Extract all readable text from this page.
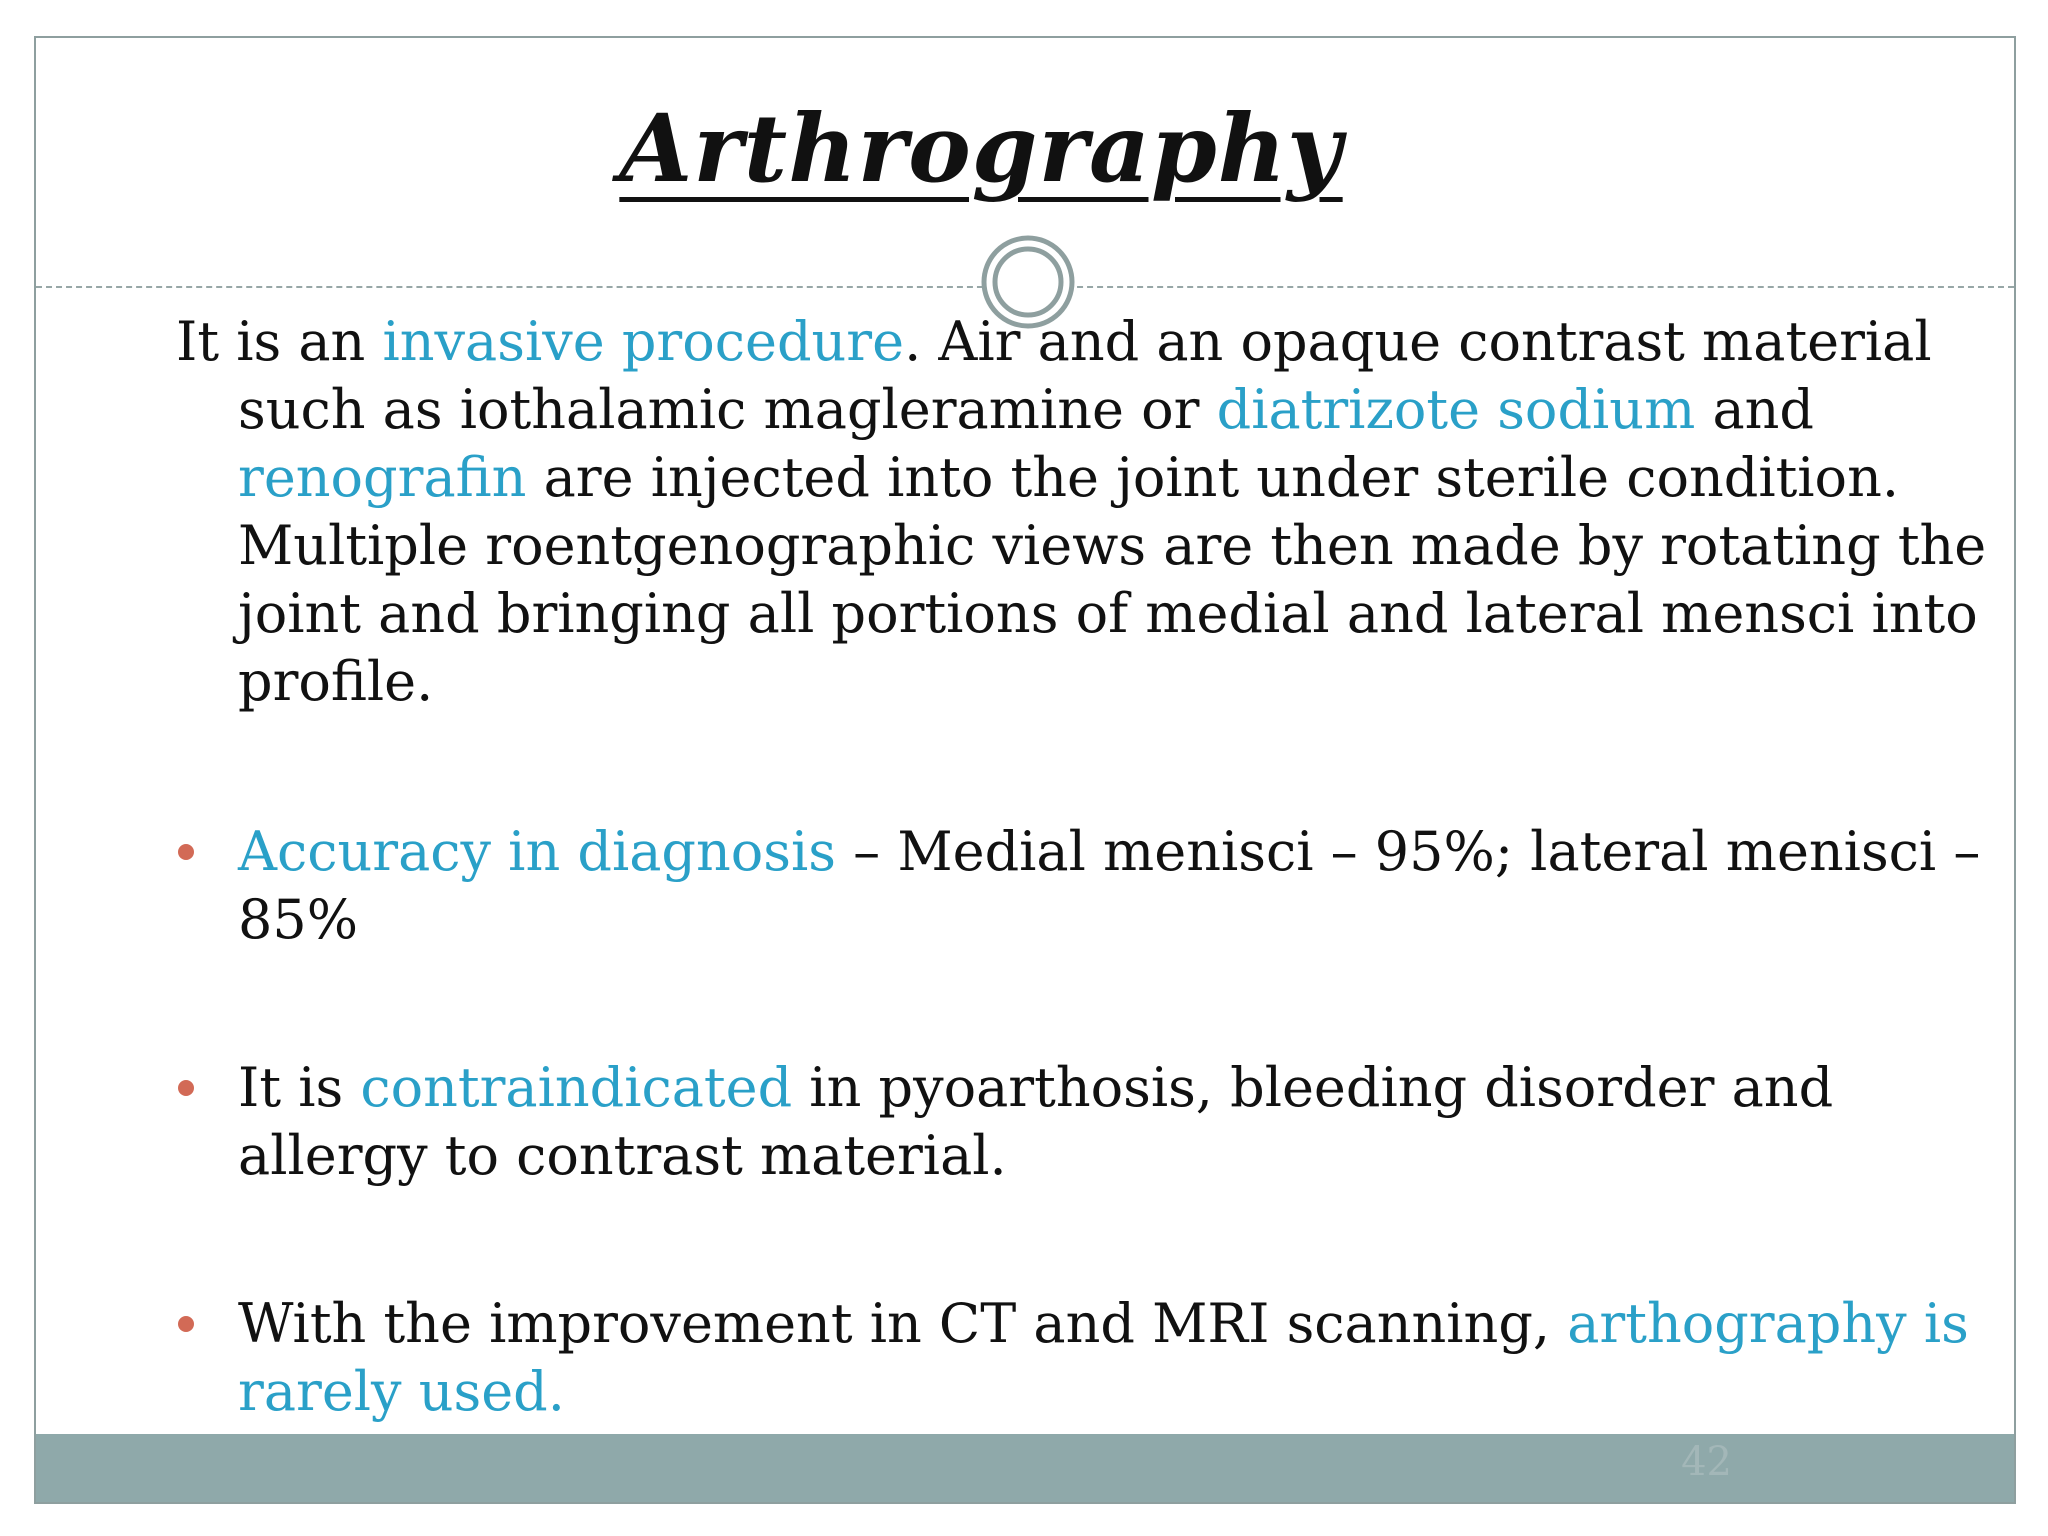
Arthrography

It is an invasive procedure. Air and an opaque contrast material such as iothalamic magleramine or diatrizote sodium and renografin are injected into the joint under sterile condition. Multiple roentgenographic views are then made by rotating the joint and bringing all portions of medial and lateral mensci into profile.

Accuracy in diagnosis – Medial menisci – 95%; lateral menisci – 85%

It is contraindicated in pyoarthosis, bleeding disorder and allergy to contrast material.

With the improvement in CT and MRI scanning, arthography is rarely used.

42
